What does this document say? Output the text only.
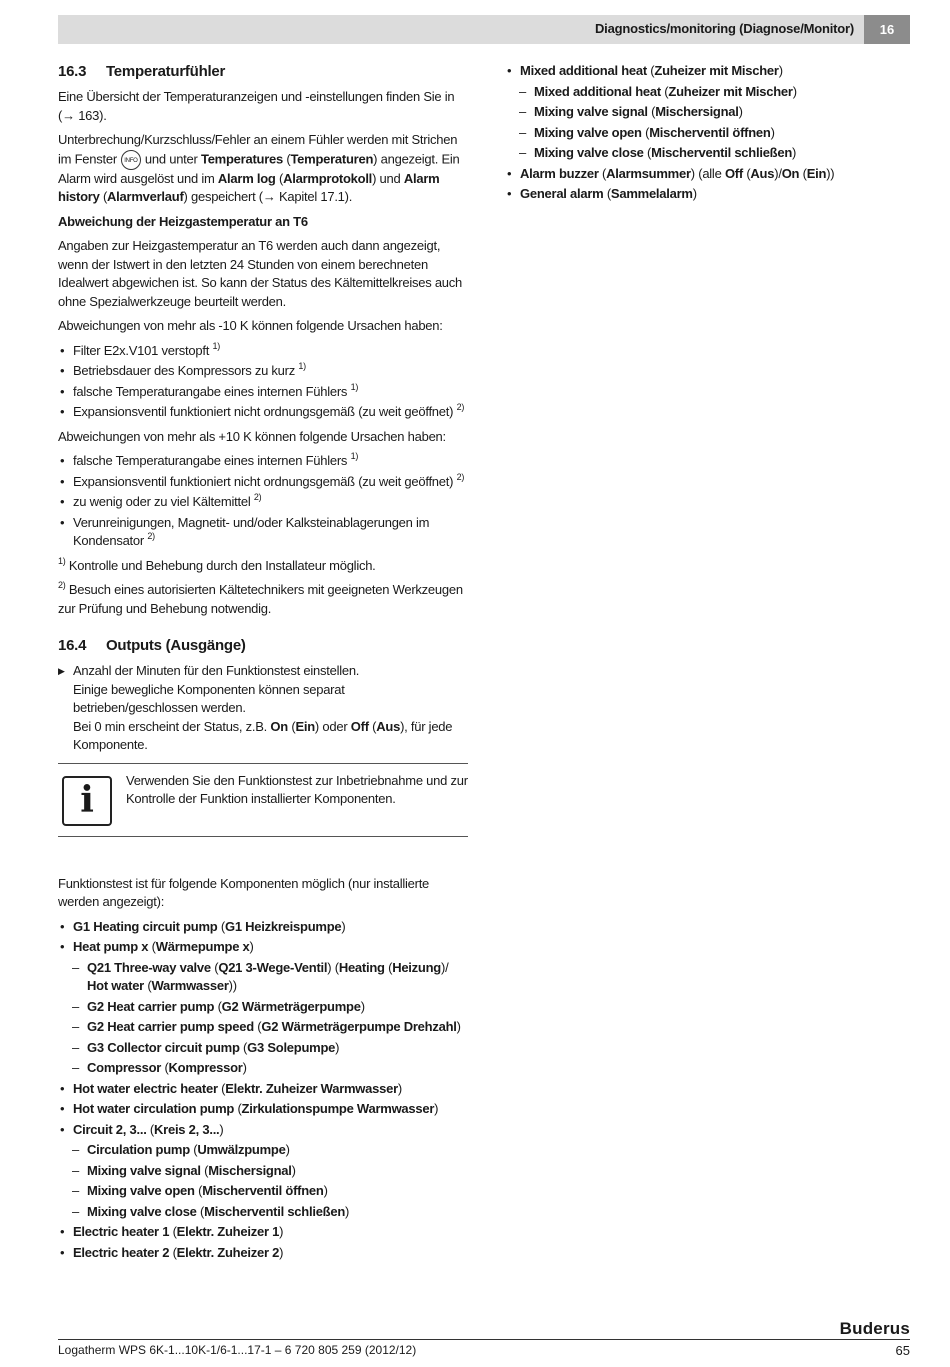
Diagnostics/monitoring (Diagnose/Monitor)	16
16.3 Temperaturfühler

Eine Übersicht der Temperaturanzeigen und -einstellungen finden Sie in (→ 163).

Unterbrechung/Kurzschluss/Fehler an einem Fühler werden mit Strichen im Fenster INFO und unter Temperatures (Temperaturen) angezeigt. Ein Alarm wird ausgelöst und im Alarm log (Alarmprotokoll) und Alarm history (Alarmverlauf) gespeichert (→ Kapitel 17.1).

Abweichung der Heizgastemperatur an T6

Angaben zur Heizgastemperatur an T6 werden auch dann angezeigt, wenn der Istwert in den letzten 24 Stunden von einem berechneten Idealwert abgewichen ist. So kann der Status des Kältemittelkreises auch ohne Spezialwerkzeuge beurteilt werden.

Abweichungen von mehr als -10 K können folgende Ursachen haben:

• Filter E2x.V101 verstopft $^{1)}$
• Betriebsdauer des Kompressors zu kurz $^{1)}$
• falsche Temperaturangabe eines internen Fühlers $^{1)}$
• Expansionsventil funktioniert nicht ordnungsgemäß (zu weit geöffnet) $^{2)}$

Abweichungen von mehr als +10 K können folgende Ursachen haben:

• falsche Temperaturangabe eines internen Fühlers $^{1)}$
• Expansionsventil funktioniert nicht ordnungsgemäß (zu weit geöffnet) $^{2)}$
• zu wenig oder zu viel Kältemittel $^{2)}$
• Verunreinigungen, Magnetit- und/oder Kalksteinablagerungen im Kondensator $^{2)}$

$^{1)}$ Kontrolle und Behebung durch den Installateur möglich.

$^{2)}$ Besuch eines autorisierten Kältetechnikers mit geeigneten Werkzeugen zur Prüfung und Behebung notwendig.

16.4 Outputs (Ausgänge)
▶ Anzahl der Minuten für den Funktionstest einstellen.
Einige bewegliche Komponenten können separat betrieben/geschlossen werden.
Bei 0 min erscheint der Status, z.B. On (Ein) oder Off (Aus), für jede Komponente.
i	Verwenden Sie den Funktionstest zur Inbetriebnahme und zur Kontrolle der Funktion installierter Komponenten.

Funktionstest ist für folgende Komponenten möglich (nur installierte werden angezeigt):

• G1 Heating circuit pump (G1 Heizkreispumpe)
• Heat pump x (Wärmepumpe x)
– Q21 Three-way valve (Q21 3-Wege-Ventil) (Heating (Heizung)/ Hot water (Warmwasser))
– G2 Heat carrier pump (G2 Wärmeträgerpumpe)
– G2 Heat carrier pump speed (G2 Wärmeträgerpumpe Drehzahl)
– G3 Collector circuit pump (G3 Solepumpe)
– Compressor (Kompressor)
• Hot water electric heater (Elektr. Zuheizer Warmwasser)
• Hot water circulation pump (Zirkulationspumpe Warmwasser)
• Circuit 2, 3... (Kreis 2, 3...)
– Circulation pump (Umwälzpumpe)
– Mixing valve signal (Mischersignal)
– Mixing valve open (Mischerventil öffnen)
– Mixing valve close (Mischerventil schließen)
• Electric heater 1 (Elektr. Zuheizer 1)
• Electric heater 2 (Elektr. Zuheizer 2)
• Mixed additional heat (Zuheizer mit Mischer)
– Mixed additional heat (Zuheizer mit Mischer)
– Mixing valve signal (Mischersignal)
– Mixing valve open (Mischerventil öffnen)
– Mixing valve close (Mischerventil schließen)
• Alarm buzzer (Alarmsummer) (alle Off (Aus)/On (Ein))
• General alarm (Sammelalarm)
Buderus
Logatherm WPS 6K-1...10K-1/6-1...17-1 – 6 720 805 259 (2012/12)	65
